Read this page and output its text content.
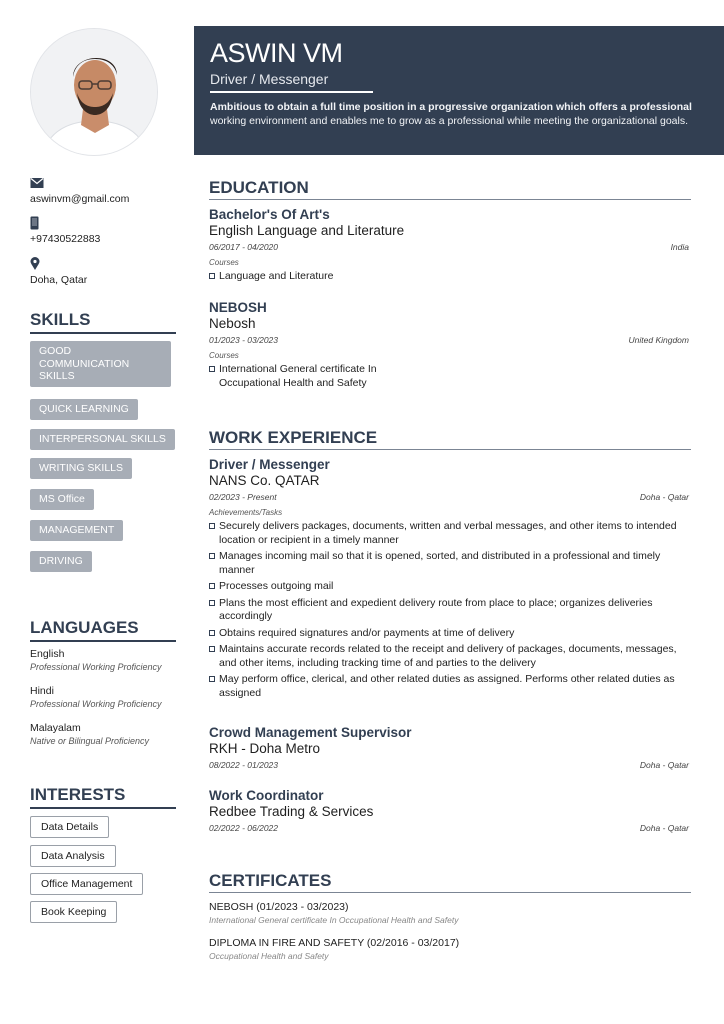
ASWIN VM
Driver / Messenger
Ambitious to obtain a full time position in a progressive organization which offers a professional working environment and enables me to grow as a professional while meeting the organizational goals.
aswinvm@gmail.com
+97430522883
Doha, Qatar
SKILLS
GOOD COMMUNICATION SKILLS
QUICK LEARNING
INTERPERSONAL SKILLS
WRITING SKILLS
MS Office
MANAGEMENT
DRIVING
LANGUAGES
English
Professional Working Proficiency
Hindi
Professional Working Proficiency
Malayalam
Native or Bilingual Proficiency
INTERESTS
Data Details
Data Analysis
Office Management
Book Keeping
EDUCATION
Bachelor's Of Art's
English Language and Literature
06/2017 - 04/2020	India
Courses
Language and Literature
NEBOSH
Nebosh
01/2023 - 03/2023	United Kingdom
Courses
International General certificate In Occupational Health and Safety
WORK EXPERIENCE
Driver / Messenger
NANS Co. QATAR
02/2023 - Present	Doha - Qatar
Achievements/Tasks
Securely delivers packages, documents, written and verbal messages, and other items to intended location or recipient in a timely manner
Manages incoming mail so that it is opened, sorted, and distributed in a professional and timely manner
Processes outgoing mail
Plans the most efficient and expedient delivery route from place to place; organizes deliveries accordingly
Obtains required signatures and/or payments at time of delivery
Maintains accurate records related to the receipt and delivery of packages, documents, messages, and other items, including tracking time of and parties to the delivery
May perform office, clerical, and other related duties as assigned. Performs other related duties as assigned
Crowd Management Supervisor
RKH - Doha Metro
08/2022 - 01/2023	Doha - Qatar
Work Coordinator
Redbee Trading & Services
02/2022 - 06/2022	Doha - Qatar
CERTIFICATES
NEBOSH (01/2023 - 03/2023)
International General certificate In Occupational Health and Safety
DIPLOMA IN FIRE AND SAFETY (02/2016 - 03/2017)
Occupational Health and Safety
